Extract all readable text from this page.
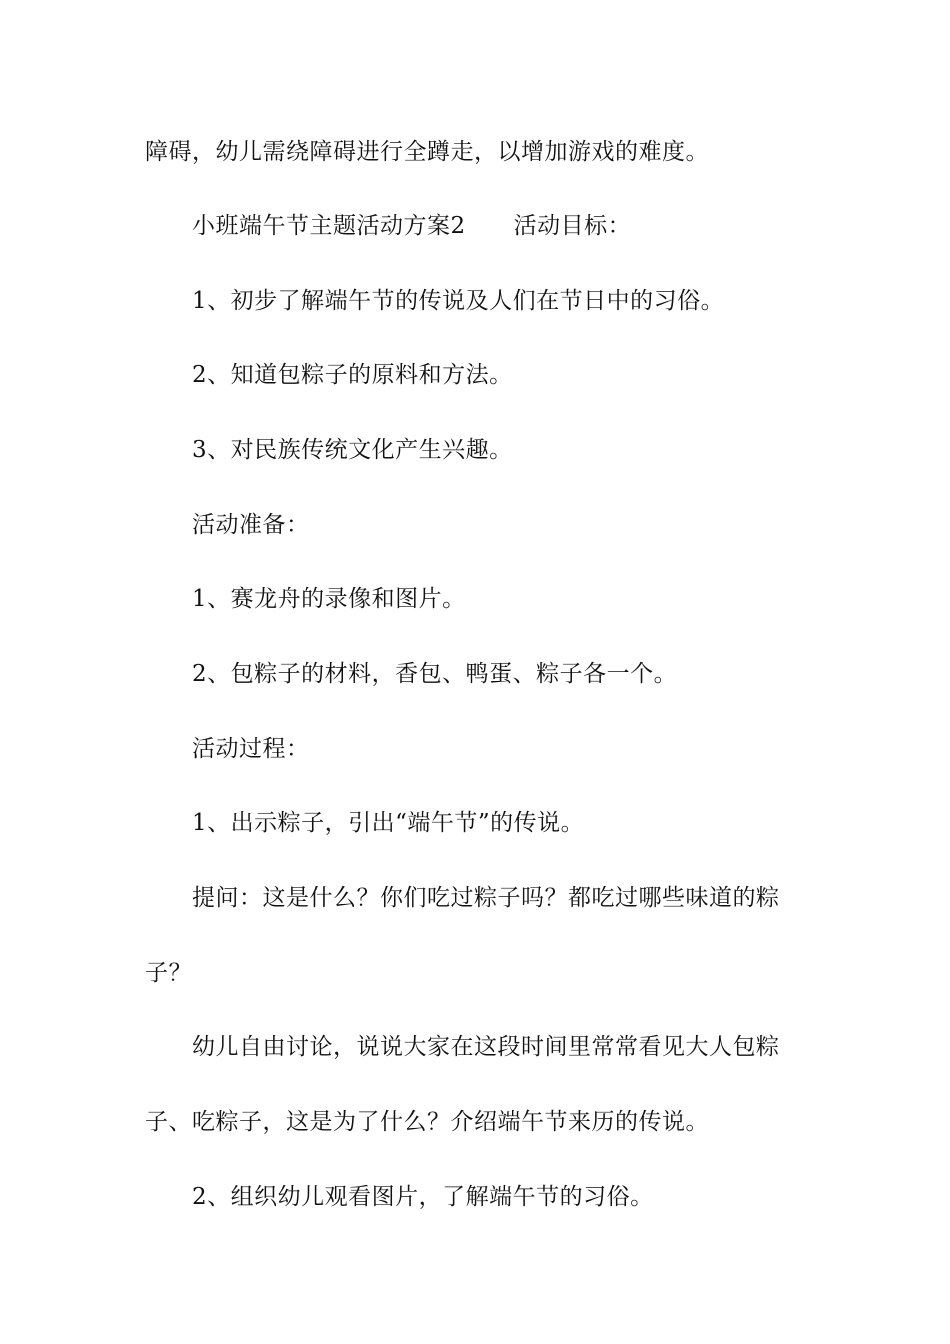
障碍，幼儿需绕障碍进行全蹲走，以增加游戏的难度。
小班端午节主题活动方案2 活动目标：
1、初步了解端午节的传说及人们在节日中的习俗。
2、知道包粽子的原料和方法。
3、对民族传统文化产生兴趣。
活动准备：
1、赛龙舟的录像和图片。
2、包粽子的材料，香包、鸭蛋、粽子各一个。
活动过程：
1、出示粽子，引出“端午节”的传说。
提问：这是什么？你们吃过粽子吗？都吃过哪些味道的粽
子？
幼儿自由讨论，说说大家在这段时间里常常看见大人包粽
子、吃粽子，这是为了什么？介绍端午节来历的传说。
2、组织幼儿观看图片，了解端午节的习俗。
